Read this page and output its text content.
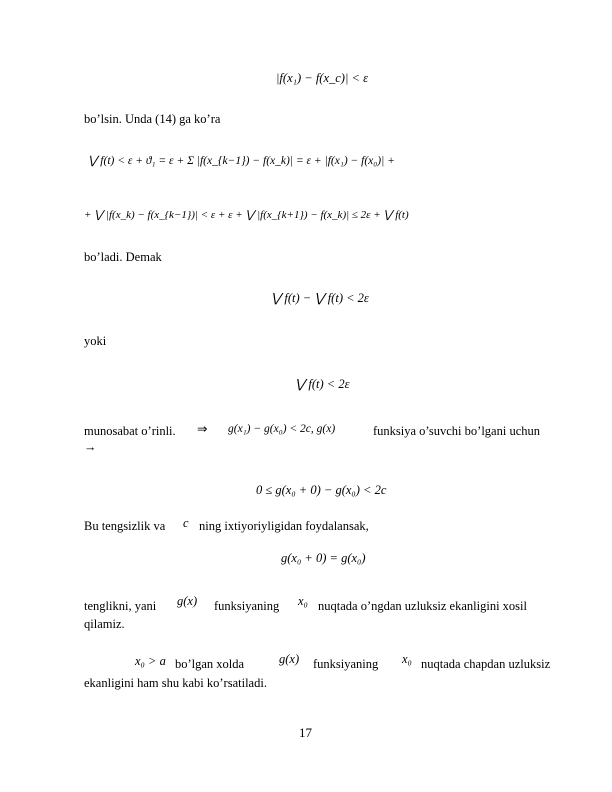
|f(x₁) − f(x_c)| < ε
bo’lsin. Unda (14) ga ko’ra
⋁ f(t) < ε + ϑ₁ = ε + Σ |f(x_{k−1}) − f(x_k)| = ε + |f(x₁) − f(x₀)| +
+ ⋁ |f(x_k) − f(x_{k−1})| < ε + ε + ⋁ |f(x_{k+1}) − f(x_k)| ≤ 2ε + ⋁ f(t)
bo’ladi. Demak
⋁ f(t) − ⋁ f(t) < 2ε
yoki
⋁ f(t) < 2ε
munosabat o’rinli. ⇒ g(x₁) − g(x₀) < 2c, g(x)	funksiya o’suvchi bo’lgani uchun
→
0 ≤ g(x₀ + 0) − g(x₀) < 2c
Bu tengsizlik va c ning ixtiyoriyligidan foydalansak,
g(x₀ + 0) = g(x₀)
tenglikni, yani g(x) funksiyaning x₀ nuqtada o’ngdan uzluksiz ekanligini xosil
qilamiz.
x₀ > a bo’lgan xolda	g(x) funksiyaning x₀ nuqtada chapdan uzluksiz
ekanligini ham shu kabi ko’rsatiladi.
17
